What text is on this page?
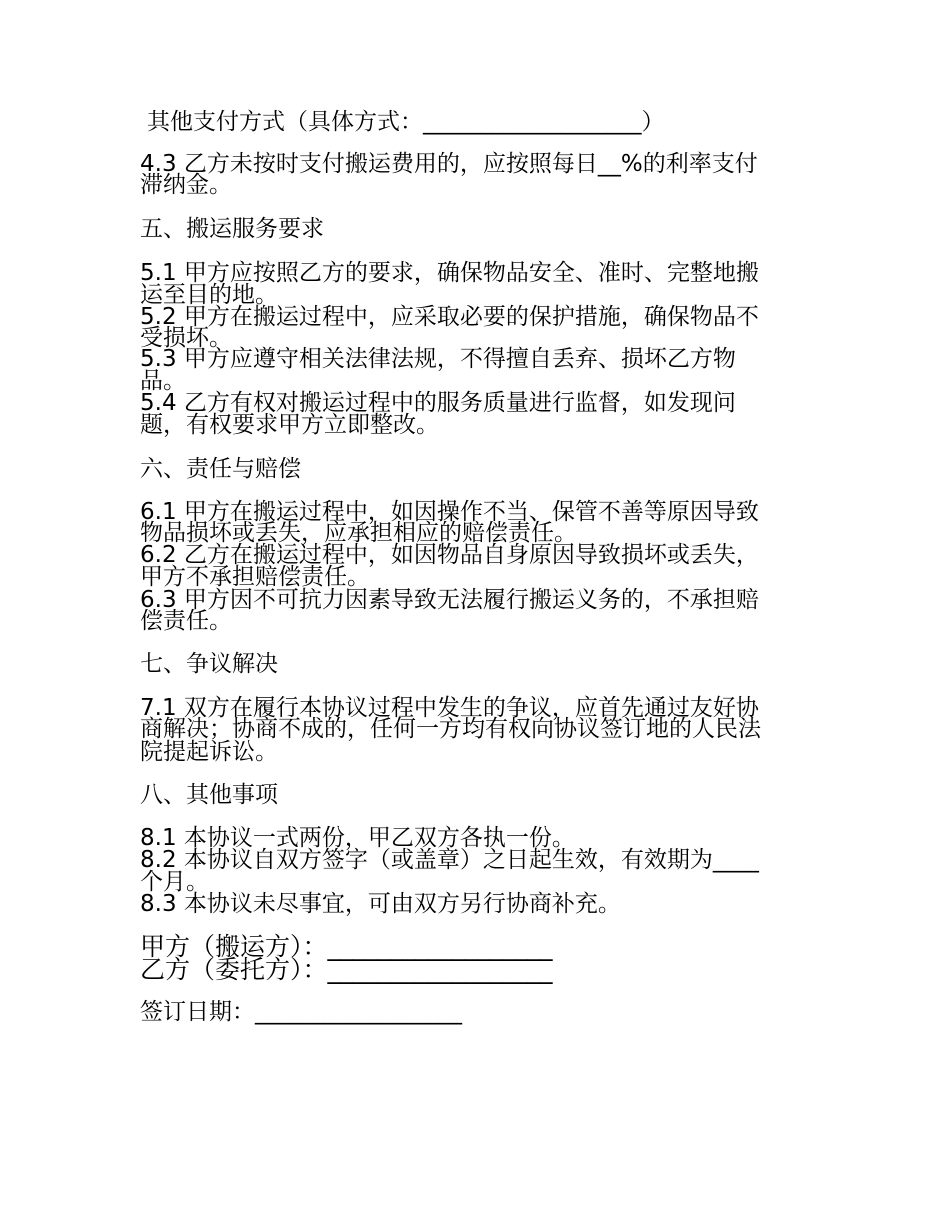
其他支付方式（具体方式：___________________）

4.3 乙方未按时支付搬运费用的，应按照每日__%的利率支付

滞纳金。

五、搬运服务要求

5.1 甲方应按照乙方的要求，确保物品安全、准时、完整地搬

运至目的地。

5.2 甲方在搬运过程中，应采取必要的保护措施，确保物品不

受损坏。

5.3 甲方应遵守相关法律法规，不得擅自丢弃、损坏乙方物

品。

5.4 乙方有权对搬运过程中的服务质量进行监督，如发现问

题，有权要求甲方立即整改。

六、责任与赔偿

6.1 甲方在搬运过程中，如因操作不当、保管不善等原因导致

物品损坏或丢失，应承担相应的赔偿责任。

6.2 乙方在搬运过程中，如因物品自身原因导致损坏或丢失，

甲方不承担赔偿责任。

6.3 甲方因不可抗力因素导致无法履行搬运义务的，不承担赔

偿责任。

七、争议解决

7.1 双方在履行本协议过程中发生的争议，应首先通过友好协

商解决；协商不成的，任何一方均有权向协议签订地的人民法

院提起诉讼。

八、其他事项

8.1 本协议一式两份，甲乙双方各执一份。

8.2 本协议自双方签字（或盖章）之日起生效，有效期为____

个月。

8.3 本协议未尽事宜，可由双方另行协商补充。

甲方（搬运方）：__________________

乙方（委托方）：__________________

签订日期：__________________
